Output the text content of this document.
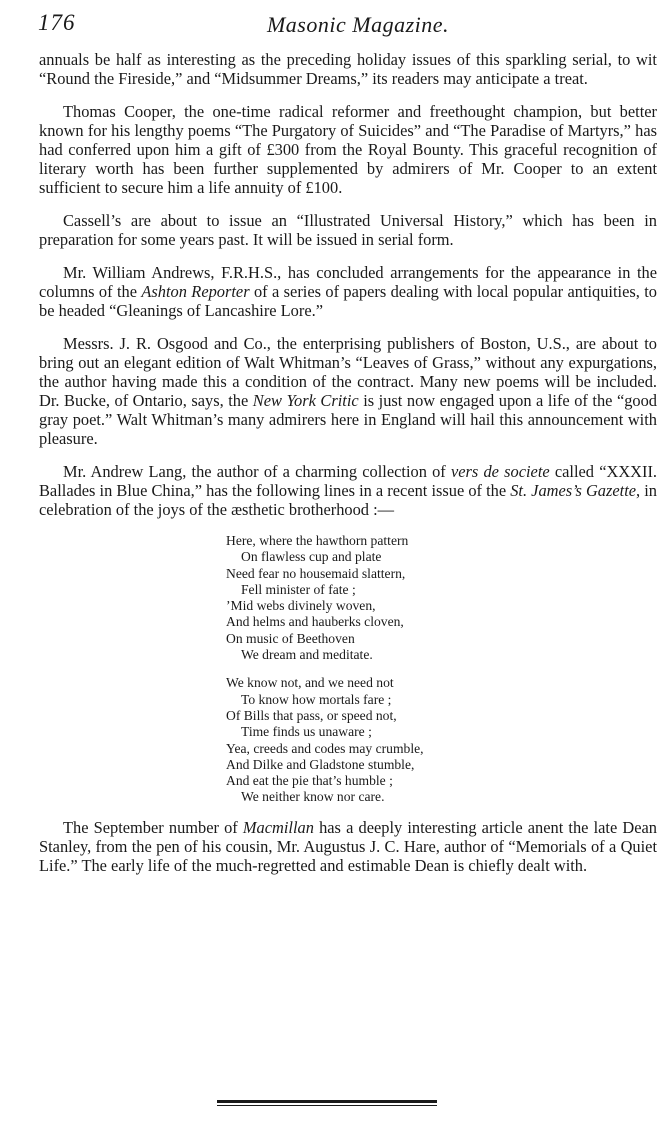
176	Masonic Magazine.

annuals be half as interesting as the preceding holiday issues of this sparkling serial, to wit “Round the Fireside,” and “Midsummer Dreams,” its readers may anticipate a treat.

Thomas Cooper, the one-time radical reformer and freethought champion, but better known for his lengthy poems “The Purgatory of Suicides” and “The Paradise of Martyrs,” has had conferred upon him a gift of £300 from the Royal Bounty. This graceful recognition of literary worth has been further supplemented by admirers of Mr. Cooper to an extent sufficient to secure him a life annuity of £100.

Cassell’s are about to issue an “Illustrated Universal History,” which has been in preparation for some years past. It will be issued in serial form.

Mr. William Andrews, F.R.H.S., has concluded arrangements for the appearance in the columns of the Ashton Reporter of a series of papers dealing with local popular antiquities, to be headed “Gleanings of Lancashire Lore.”

Messrs. J. R. Osgood and Co., the enterprising publishers of Boston, U.S., are about to bring out an elegant edition of Walt Whitman’s “Leaves of Grass,” without any expurgations, the author having made this a condition of the contract. Many new poems will be included. Dr. Bucke, of Ontario, says, the New York Critic is just now engaged upon a life of the “good gray poet.” Walt Whitman’s many admirers here in England will hail this announcement with pleasure.

Mr. Andrew Lang, the author of a charming collection of vers de societe called “XXXII. Ballades in Blue China,” has the following lines in a recent issue of the St. James’s Gazette, in celebration of the joys of the æsthetic brotherhood :—

Here, where the hawthorn pattern
On flawless cup and plate
Need fear no housemaid slattern,
Fell minister of fate ;
’Mid webs divinely woven,
And helms and hauberks cloven,
On music of Beethoven
We dream and meditate.
We know not, and we need not
To know how mortals fare ;
Of Bills that pass, or speed not,
Time finds us unaware ;
Yea, creeds and codes may crumble,
And Dilke and Gladstone stumble,
And eat the pie that’s humble ;
We neither know nor care.

The September number of Macmillan has a deeply interesting article anent the late Dean Stanley, from the pen of his cousin, Mr. Augustus J. C. Hare, author of “Memorials of a Quiet Life.” The early life of the much-regretted and estimable Dean is chiefly dealt with.
